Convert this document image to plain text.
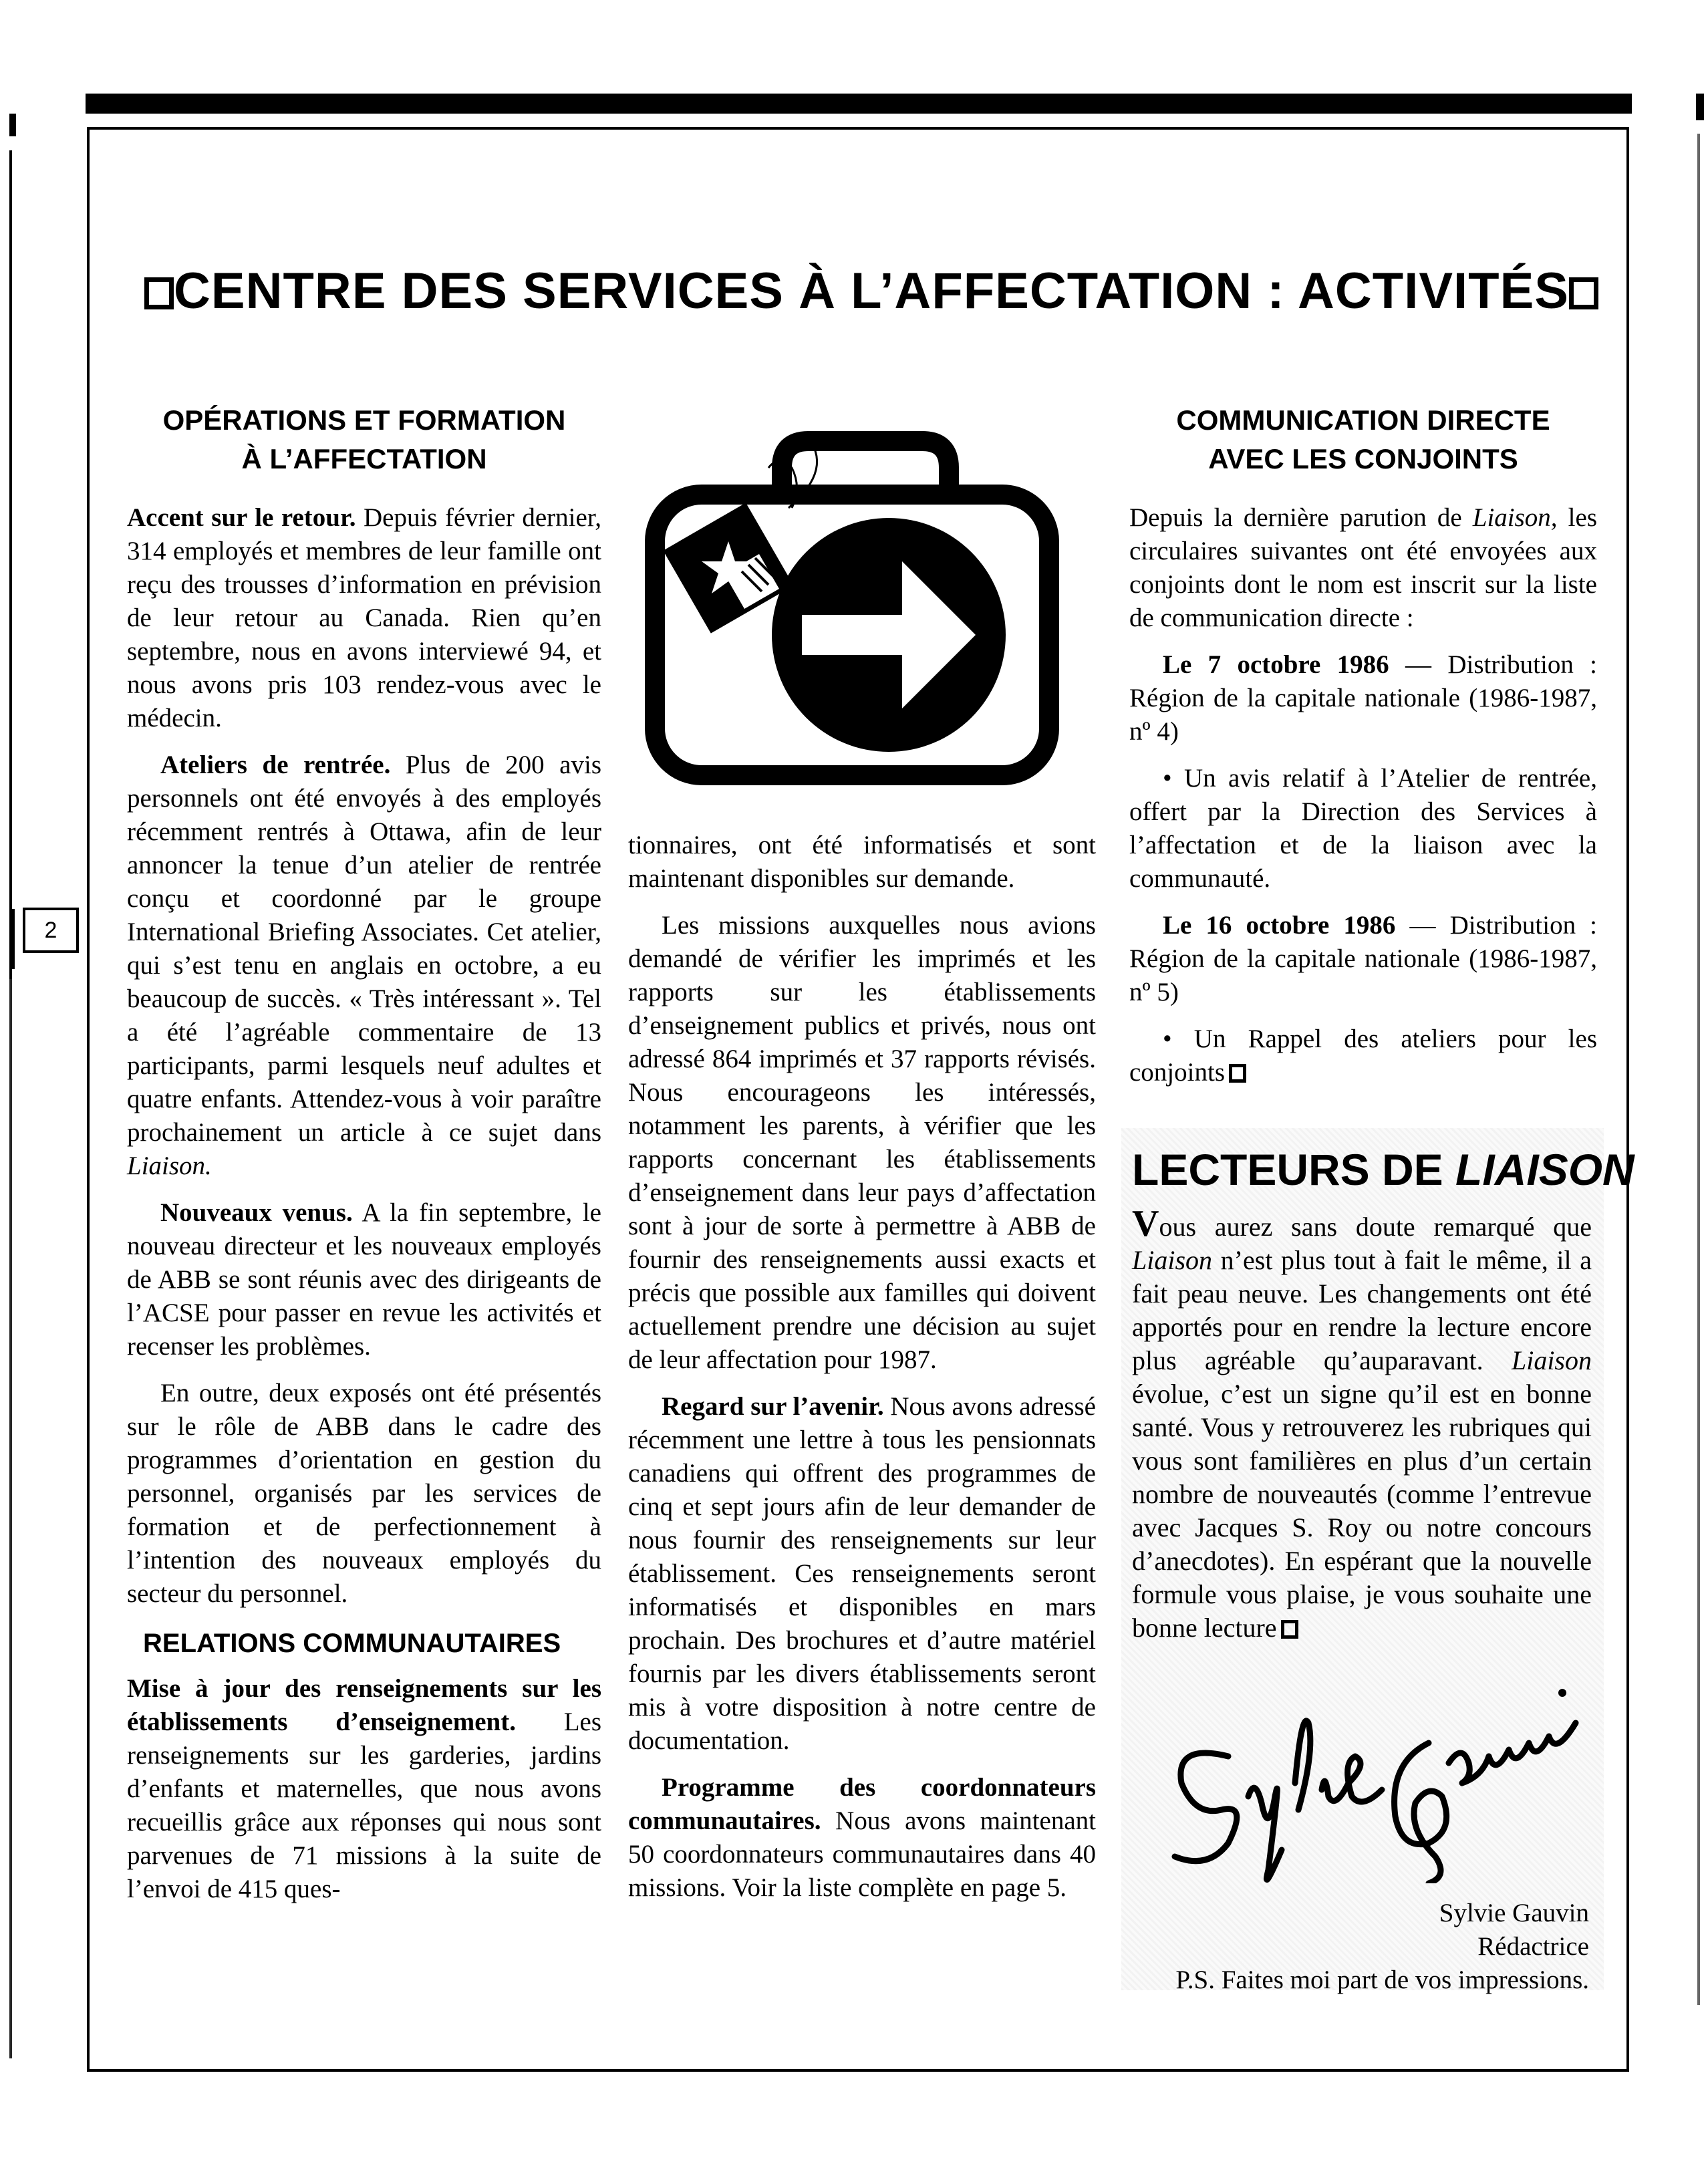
2
CENTRE DES SERVICES À L’AFFECTATION : ACTIVITÉS
OPÉRATIONS ET FORMATION
À L’AFFECTATION

Accent sur le retour. Depuis février dernier, 314 employés et membres de leur famille ont reçu des trousses d’information en prévision de leur retour au Canada. Rien qu’en septembre, nous en avons interviewé 94, et nous avons pris 103 rendez-vous avec le médecin.

Ateliers de rentrée. Plus de 200 avis personnels ont été envoyés à des employés récemment rentrés à Ottawa, afin de leur annoncer la tenue d’un atelier de rentrée conçu et coordonné par le groupe International Briefing Associates. Cet atelier, qui s’est tenu en anglais en octobre, a eu beaucoup de succès. « Très intéressant ». Tel a été l’agréable commentaire de 13 participants, parmi lesquels neuf adultes et quatre enfants. Attendez-vous à voir paraître prochainement un article à ce sujet dans Liaison.

Nouveaux venus. A la fin septembre, le nouveau directeur et les nouveaux employés de ABB se sont réunis avec des dirigeants de l’ACSE pour passer en revue les activités et recenser les problèmes.

En outre, deux exposés ont été présentés sur le rôle de ABB dans le cadre des programmes d’orientation en gestion du personnel, organisés par les services de formation et de perfectionnement à l’intention des nouveaux employés du secteur du personnel.

RELATIONS COMMUNAUTAIRES

Mise à jour des renseignements sur les établissements d’enseignement. Les renseignements sur les garderies, jardins d’enfants et maternelles, que nous avons recueillis grâce aux réponses qui nous sont parvenues de 71 missions à la suite de l’envoi de 415 ques-

tionnaires, ont été informatisés et sont maintenant disponibles sur demande.

Les missions auxquelles nous avions demandé de vérifier les imprimés et les rapports sur les établissements d’enseignement publics et privés, nous ont adressé 864 imprimés et 37 rapports révisés. Nous encourageons les intéressés, notamment les parents, à vérifier que les rapports concernant les établissements d’enseignement dans leur pays d’affectation sont à jour de sorte à permettre à ABB de fournir des renseignements aussi exacts et précis que possible aux familles qui doivent actuellement prendre une décision au sujet de leur affectation pour 1987.

Regard sur l’avenir. Nous avons adressé récemment une lettre à tous les pensionnats canadiens qui offrent des programmes de cinq et sept jours afin de leur demander de nous fournir des renseignements sur leur établissement. Ces renseignements seront informatisés et disponibles en mars prochain. Des brochures et d’autre matériel fournis par les divers établissements seront mis à votre disposition à notre centre de documentation.

Programme des coordonnateurs communautaires. Nous avons maintenant 50 coordonnateurs communautaires dans 40 missions. Voir la liste complète en page 5.

COMMUNICATION DIRECTE
AVEC LES CONJOINTS

Depuis la dernière parution de Liaison, les circulaires suivantes ont été envoyées aux conjoints dont le nom est inscrit sur la liste de communication directe :

Le 7 octobre 1986 — Distribution : Région de la capitale nationale (1986-1987, nº 4)

• Un avis relatif à l’Atelier de rentrée, offert par la Direction des Services à l’affectation et de la liaison avec la communauté.

Le 16 octobre 1986 — Distribution : Région de la capitale nationale (1986-1987, nº 5)

• Un Rappel des ateliers pour les conjoints

LECTEURS DE LIAISON
Vous aurez sans doute remarqué que Liaison n’est plus tout à fait le même, il a fait peau neuve. Les changements ont été apportés pour en rendre la lecture encore plus agréable qu’auparavant. Liaison évolue, c’est un signe qu’il est en bonne santé. Vous y retrouverez les rubriques qui vous sont familières en plus d’un certain nombre de nouveautés (comme l’entrevue avec Jacques S. Roy ou notre concours d’anecdotes). En espérant que la nouvelle formule vous plaise, je vous souhaite une bonne lecture
Sylvie Gauvin
Rédactrice
P.S. Faites moi part de vos impressions.
